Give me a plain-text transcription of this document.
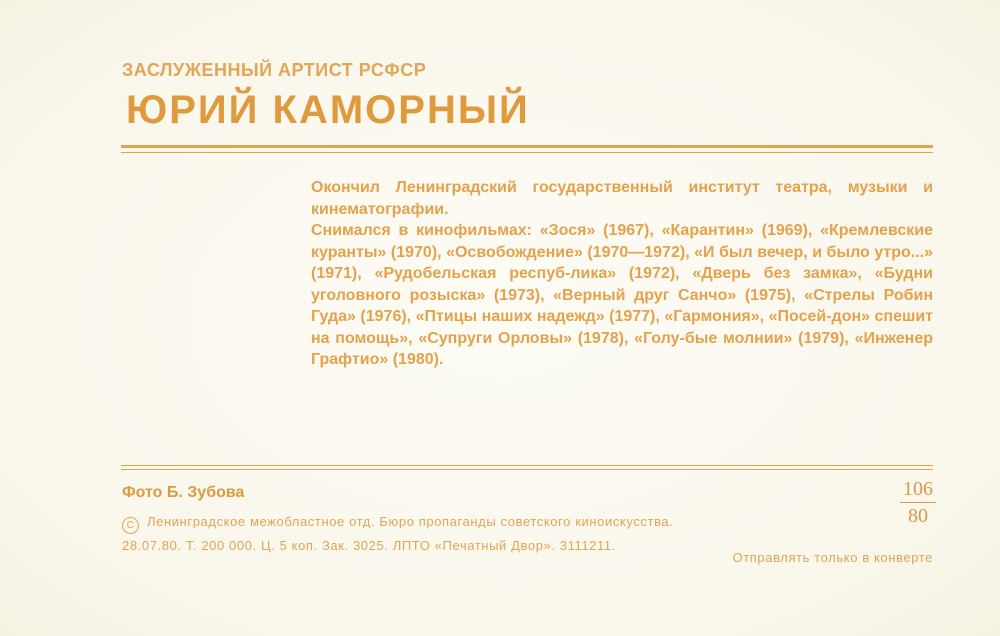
ЗАСЛУЖЕННЫЙ АРТИСТ РСФСР
ЮРИЙ КАМОРНЫЙ

Окончил Ленинградский государственный институт театра, музыки и кинематографии.

Снимался в кинофильмах: «Зося» (1967), «Карантин» (1969), «Кремлевские куранты» (1970), «Освобождение» (1970—1972), «И был вечер, и было утро...» (1971), «Рудобельская респуб-лика» (1972), «Дверь без замка», «Будни уголовного розыска» (1973), «Верный друг Санчо» (1975), «Стрелы Робин Гуда» (1976), «Птицы наших надежд» (1977), «Гармония», «Посей-дон» спешит на помощь», «Супруги Орловы» (1978), «Голу-бые молнии» (1979), «Инженер Графтио» (1980).

Фото Б. Зубова	106
80
C Ленинградское межобластное отд. Бюро пропаганды советского киноискусства.
28.07.80. Т. 200 000. Ц. 5 коп. Зак. 3025. ЛПТО «Печатный Двор». 3111211.
Отправлять только в конверте
